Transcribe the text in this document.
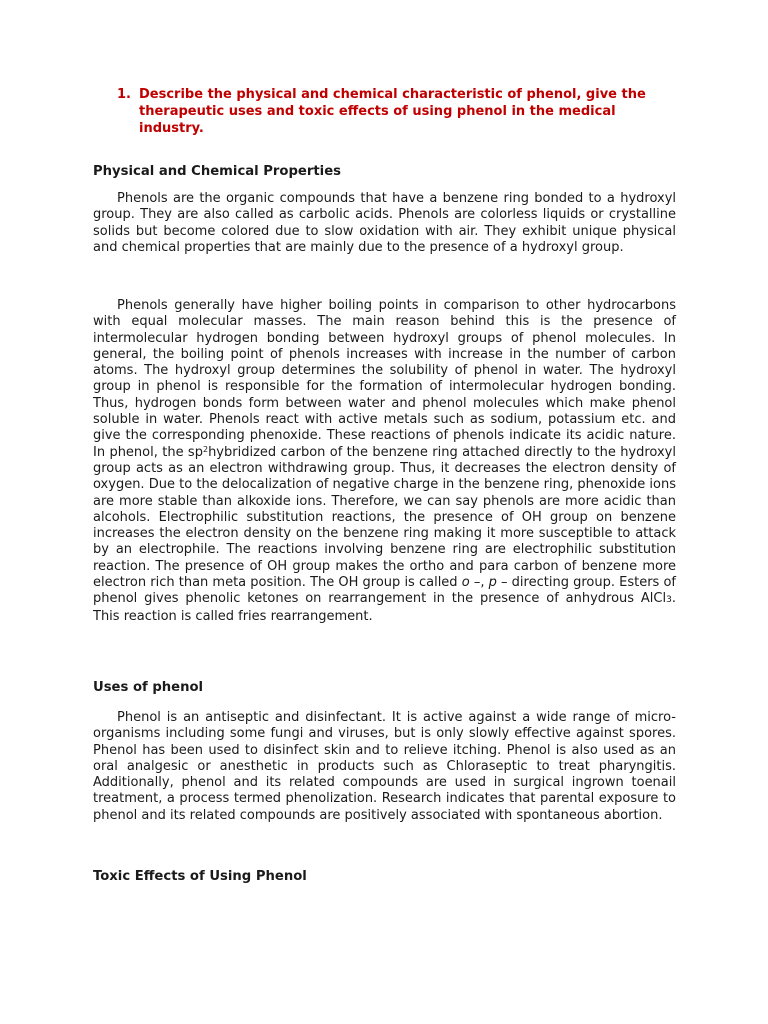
1. Describe the physical and chemical characteristic of phenol, give the therapeutic uses and toxic effects of using phenol in the medical industry.
Physical and Chemical Properties

Phenols are the organic compounds that have a benzene ring bonded to a hydroxyl group. They are also called as carbolic acids. Phenols are colorless liquids or crystalline solids but become colored due to slow oxidation with air. They exhibit unique physical and chemical properties that are mainly due to the presence of a hydroxyl group.

Phenols generally have higher boiling points in comparison to other hydrocarbons with equal molecular masses. The main reason behind this is the presence of intermolecular hydrogen bonding between hydroxyl groups of phenol molecules. In general, the boiling point of phenols increases with increase in the number of carbon atoms. The hydroxyl group determines the solubility of phenol in water. The hydroxyl group in phenol is responsible for the formation of intermolecular hydrogen bonding. Thus, hydrogen bonds form between water and phenol molecules which make phenol soluble in water. Phenols react with active metals such as sodium, potassium etc. and give the corresponding phenoxide. These reactions of phenols indicate its acidic nature. In phenol, the $sp^2hybridized$ carbon of the benzene ring attached directly to the hydroxyl group acts as an electron withdrawing group. Thus, it decreases the electron density of oxygen. Due to the delocalization of negative charge in the benzene ring, phenoxide ions are more stable than alkoxide ions. Therefore, we can say phenols are more acidic than alcohols. Electrophilic substitution reactions, the presence of OH group on benzene increases the electron density on the benzene ring making it more susceptible to attack by an electrophile. The reactions involving benzene ring are electrophilic substitution reaction. The presence of OH group makes the ortho and para carbon of benzene more electron rich than meta position. The OH group is called o –, p – directing group. Esters of phenol gives phenolic ketones on rearrangement in the presence of anhydrous AlCl3. This reaction is called fries rearrangement.

Uses of phenol

Phenol is an antiseptic and disinfectant. It is active against a wide range of micro-organisms including some fungi and viruses, but is only slowly effective against spores. Phenol has been used to disinfect skin and to relieve itching. Phenol is also used as an oral analgesic or anesthetic in products such as Chloraseptic to treat pharyngitis. Additionally, phenol and its related compounds are used in surgical ingrown toenail treatment, a process termed phenolization. Research indicates that parental exposure to phenol and its related compounds are positively associated with spontaneous abortion.

Toxic Effects of Using Phenol
